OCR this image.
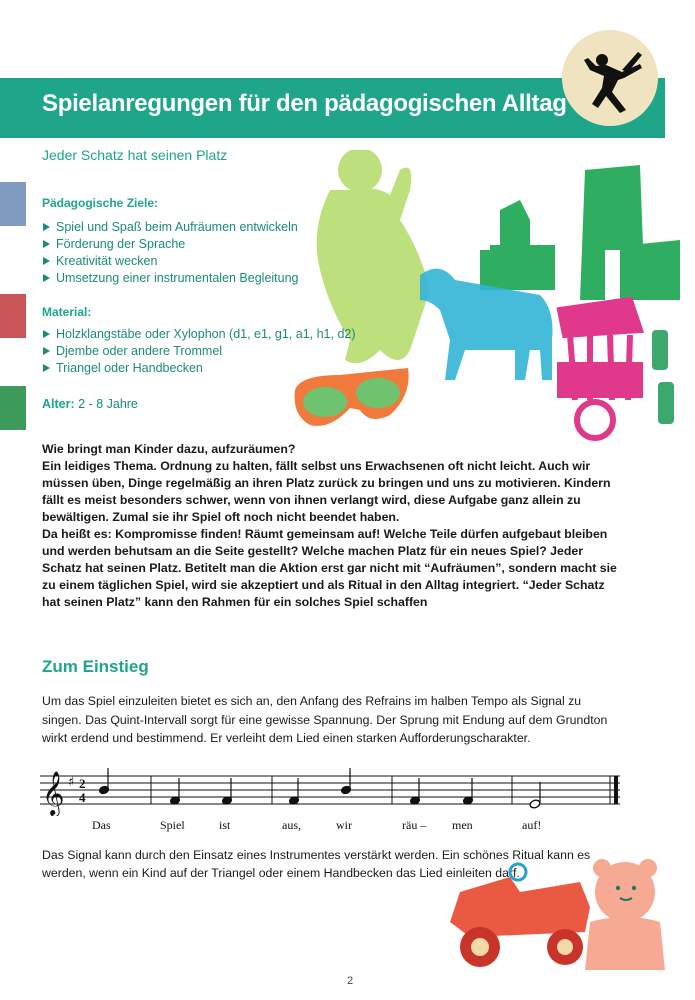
Spielanregungen für den pädagogischen Alltag
Jeder Schatz hat seinen Platz
Pädagogische Ziele:
Spiel und Spaß beim Aufräumen entwickeln
Förderung der Sprache
Kreativität wecken
Umsetzung einer instrumentalen Begleitung
Material:
Holzklangstäbe oder Xylophon (d1, e1, g1, a1, h1, d2)
Djembe oder andere Trommel
Triangel oder Handbecken
Alter: 2 - 8 Jahre

Wie bringt man Kinder dazu, aufzuräumen?

Ein leidiges Thema. Ordnung zu halten, fällt selbst uns Erwachsenen oft nicht leicht. Auch wir müssen üben, Dinge regelmäßig an ihren Platz zurück zu bringen und uns zu motivieren. Kindern fällt es meist besonders schwer, wenn von ihnen verlangt wird, diese Aufgabe ganz allein zu bewältigen. Zumal sie ihr Spiel oft noch nicht beendet haben.

Da heißt es: Kompromisse finden! Räumt gemeinsam auf! Welche Teile dürfen aufgebaut bleiben und werden behutsam an die Seite gestellt? Welche machen Platz für ein neues Spiel? Jeder Schatz hat seinen Platz. Betitelt man die Aktion erst gar nicht mit “Aufräumen”, sondern macht sie zu einem täglichen Spiel, wird sie akzeptiert und als Ritual in den Alltag integriert. “Jeder Schatz hat seinen Platz” kann den Rahmen für ein solches Spiel schaffen

Zum Einstieg
Um das Spiel einzuleiten bietet es sich an, den Anfang des Refrains im halben Tempo als Signal zu singen. Das Quint-Intervall sorgt für eine gewisse Spannung. Der Sprung mit Endung auf dem Grundton wirkt erdend und bestimmend. Er verleiht dem Lied einen starken Aufforderungscharakter.
𝄞 ♯ 2
4
Das	Spiel	ist	aus,	wir	räu – men	auf!
Das Signal kann durch den Einsatz eines Instrumentes verstärkt werden. Ein schönes Ritual kann es werden, wenn ein Kind auf der Triangel oder einem Handbecken das Lied einleiten darf.
2
